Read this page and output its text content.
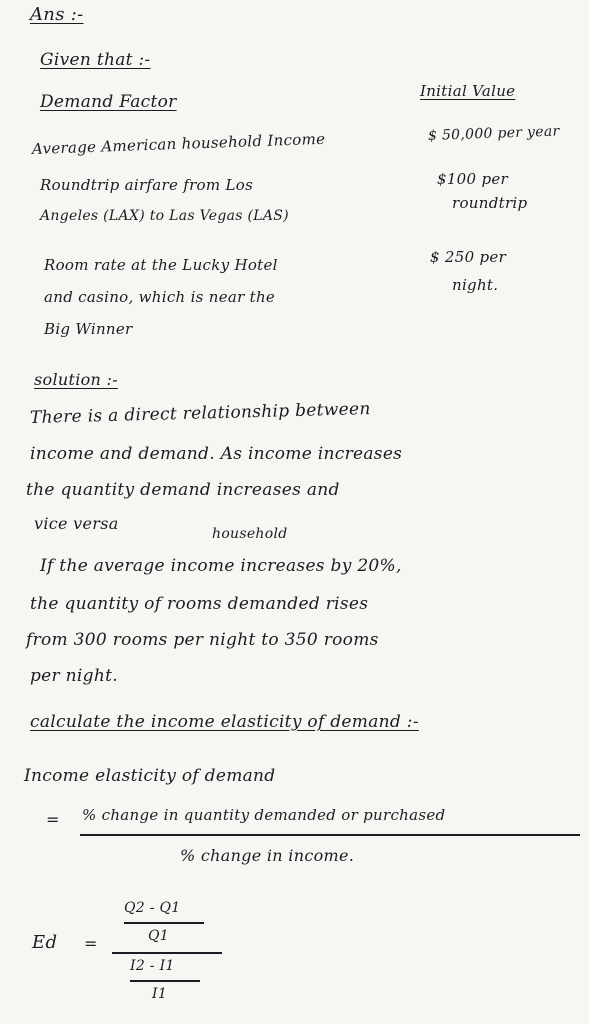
Ans :-
Given that :-
Demand Factor
Initial Value
Average American household Income	$ 50,000 per year
Roundtrip airfare from Los
Angeles (LAX) to Las Vegas (LAS)
$100 per
roundtrip
Room rate at the Lucky Hotel
and casino, which is near the
Big Winner
$ 250 per
night.
solution :-
There is a direct relationship between
income and demand. As income increases
the quantity demand increases and
vice versa
household
If the average income increases by 20%,
the quantity of rooms demanded rises
from 300 rooms per night to 350 rooms
per night.
calculate the income elasticity of demand :-
Income elasticity of demand
= % change in quantity demanded or purchased
% change in income.
Ed =
Q2 - Q1
Q1
I2 - I1
I1
